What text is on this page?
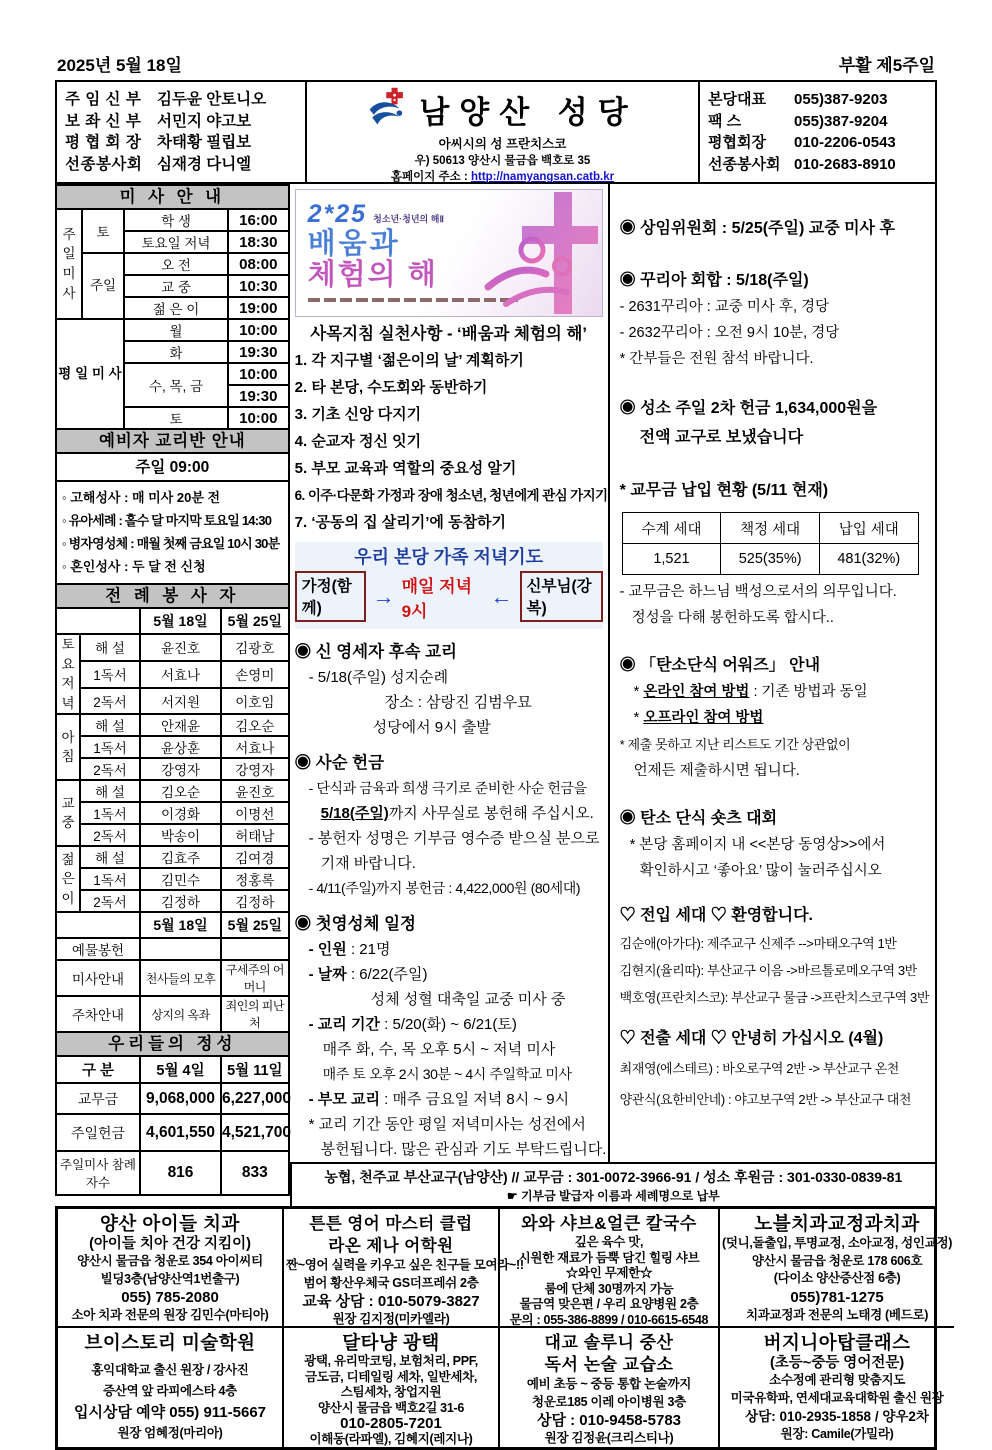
2025년 5월 18일	부활 제5주일
주 임 신 부	김두윤 안토니오
보 좌 신 부	서민지 야고보
평 협 회 장	차태황 필립보
선종봉사회 심재경 다니엘
남양산 성당
아씨시의 성 프란치스코
우) 50613 양산시 물금읍 백호로 35
홈페이지 주소 : http://namyangsan.catb.kr
본당대표	055)387-9203
팩 스	055)387-9204
평협회장	010-2206-0543
선종봉사회 010-2683-8910
미 사 안 내
주일미사	토	학 생	16:00
		토요일 저녁	18:30
	주일	오 전	08:00
		교 중	10:30
		젊 은 이	19:00
평 일 미 사		월	10:00
		화	19:30
		수, 목, 금	10:00
			19:30
		토	10:00
예비자 교리반 안내
주일 09:00
◦ 고해성사 : 매 미사 20분 전
◦ 유아세례 : 홀수 달 마지막 토요일 14:30
◦ 병자영성체 : 매월 첫째 금요일 10시 30분
◦ 혼인성사 : 두 달 전 신청
전 례 봉 사 자
		5월 18일	5월 25일
토요저녁	해 설	윤진호	김광호
	1독서	서효나	손영미
	2독서	서지원	이호임
아침	해 설	안재윤	김오순
	1독서	윤상훈	서효나
	2독서	강영자	강영자
교중	해 설	김오순	윤진호
	1독서	이경화	이명선
	2독서	박송이	허태남
젊은이	해 설	김효주	김여경
	1독서	김민수	정홍록
	2독서	김정하	김정하
		5월 18일	5월 25일
예물봉헌			
미사안내		천사들의 모후	구세주의 어머니
주차안내		상지의 옥좌	죄인의 피난처
우리들의 정성
구 분	5월 4일	5월 11일
교무금	9,068,000	6,227,000
주일헌금	4,601,550	4,521,700
주일미사 참례자수	816	833
2*25 청소년·청년의 해Ⅱ
배움과
체험의 해
사목지침 실천사항 - ‘배움과 체험의 해’
1. 각 지구별 ‘젊은이의 날’ 계획하기
2. 타 본당, 수도회와 동반하기
3. 기초 신앙 다지기
4. 순교자 정신 잇기
5. 부모 교육과 역할의 중요성 알기
6. 이주·다문화 가정과 장애 청소년, 청년에게 관심 가지기
7. ‘공동의 집 살리기’에 동참하기
우리 본당 가족 저녁기도
가정(함께)	→ 매일 저녁 9시
← 신부님(강복)
◉ 신 영세자 후속 교리
- 5/18(주일) 성지순례
장소 : 삼랑진 김범우묘
성당에서 9시 출발
◉ 사순 헌금
- 단식과 금육과 희생 극기로 준비한 사순 헌금을
5/18(주일)까지 사무실로 봉헌해 주십시오.
- 봉헌자 성명은 기부금 영수증 받으실 분으로
기재 바랍니다.
- 4/11(주일)까지 봉헌금 : 4,422,000원 (80세대)
◉ 첫영성체 일정
- 인원 : 21명
- 날짜 : 6/22(주일)
성체 성혈 대축일 교중 미사 중
- 교리 기간 : 5/20(화) ~ 6/21(토)
매주 화, 수, 목 오후 5시 ~ 저녁 미사
매주 토 오후 2시 30분 ~ 4시 주일학교 미사
- 부모 교리 : 매주 금요일 저녁 8시 ~ 9시
* 교리 기간 동안 평일 저녁미사는 성전에서
봉헌됩니다. 많은 관심과 기도 부탁드립니다.
◉ 상임위원회 : 5/25(주일) 교중 미사 후
◉ 꾸리아 회합 : 5/18(주일)
- 2631꾸리아 : 교중 미사 후, 경당
- 2632꾸리아 : 오전 9시 10분, 경당
* 간부들은 전원 참석 바랍니다.
◉ 성소 주일 2차 헌금 1,634,000원을
전액 교구로 보냈습니다
* 교무금 납입 현황 (5/11 현재)
수계 세대	책정 세대	납입 세대
1,521	525(35%)	481(32%)
- 교무금은 하느님 백성으로서의 의무입니다.
정성을 다해 봉헌하도록 합시다..
◉ 「탄소단식 어워즈」 안내
* 온라인 참여 방법 : 기존 방법과 동일
* 오프라인 참여 방법
* 제출 못하고 지난 리스트도 기간 상관없이
언제든 제출하시면 됩니다.
◉ 탄소 단식 숏츠 대회
* 본당 홈페이지 내 <<본당 동영상>>에서
확인하시고 ‘좋아요’ 많이 눌러주십시오
♡ 전입 세대 ♡ 환영합니다.
김순애(아가다): 제주교구 신제주 -->마태오구역 1반
김현지(율리따): 부산교구 이음 ->바르톨로메오구역 3반
백호영(프란치스코): 부산교구 물금 ->프란치스코구역 3반
♡ 전출 세대 ♡ 안녕히 가십시오 (4월)
최재영(에스테르) : 바오로구역 2반 -> 부산교구 온천
양관식(요한비안네) : 야고보구역 2반 -> 부산교구 대천
농협, 천주교 부산교구(남양산) // 교무금 : 301-0072-3966-91 / 성소 후원금 : 301-0330-0839-81
☛ 기부금 발급자 이름과 세례명으로 납부
양산 아이들 치과
(아이들 치아 건강 지킴이)
양산시 물금읍 청운로 354 아이씨티
빌딩3층(남양산역1번출구)
055) 785-2080
소아 치과 전문의 원장 김민수(마티아)
튼튼 영어 마스터 클럽
라온 제나 어학원
짠~영어 실력을 키우고 싶은 친구들 모여라~!!
범어 황산우체국 GS더프레쉬 2층
교육 상담 : 010-5079-3827
원장 김지정(미카엘라)
와와 샤브&얼큰 칼국수
깊은 육수 맛,
시원한 재료가 듬뿍 담긴 힐링 샤브
☆와인 무제한☆
룸에 단체 30명까지 가능
물금역 맞은편 / 우리 요양병원 2층
문의 : 055-386-8899 / 010-6615-6548
노블치과교정과치과
(덧니,돌출입, 투명교정, 소아교정, 성인교정)
양산시 물금읍 청운로 178 606호
(다이소 양산증산점 6층)
055)781-1275
치과교정과 전문의 노태경 (베드로)
브이스토리 미술학원
홍익대학교 출신 원장 / 강사진
증산역 앞 라피에스타 4층
입시상담 예약 055) 911-5667
원장 엄혜정(마리아)
달타냥 광택
광택, 유리막코팅, 보험처리, PPF,
금도금, 디테일링 세차, 일반세차,
스팀세차, 창업지원
양산시 물금읍 백호2길 31-6
010-2805-7201
이해동(라파엘), 김혜지(레지나)
대교 솔루니 중산
독서 논술 교습소
예비 초등 ~ 중등 통합 논술까지
청운로185 이레 아이병원 3층
상담 : 010-9458-5783
원장 김정윤(크리스티나)
버지니아탑클래스
(초등~중등 영어전문)
소수정예 관리형 맞춤지도
미국유학파, 연세대교육대학원 출신 원장
상담: 010-2935-1858 / 양우2차
원장: Camile(가밀라)
